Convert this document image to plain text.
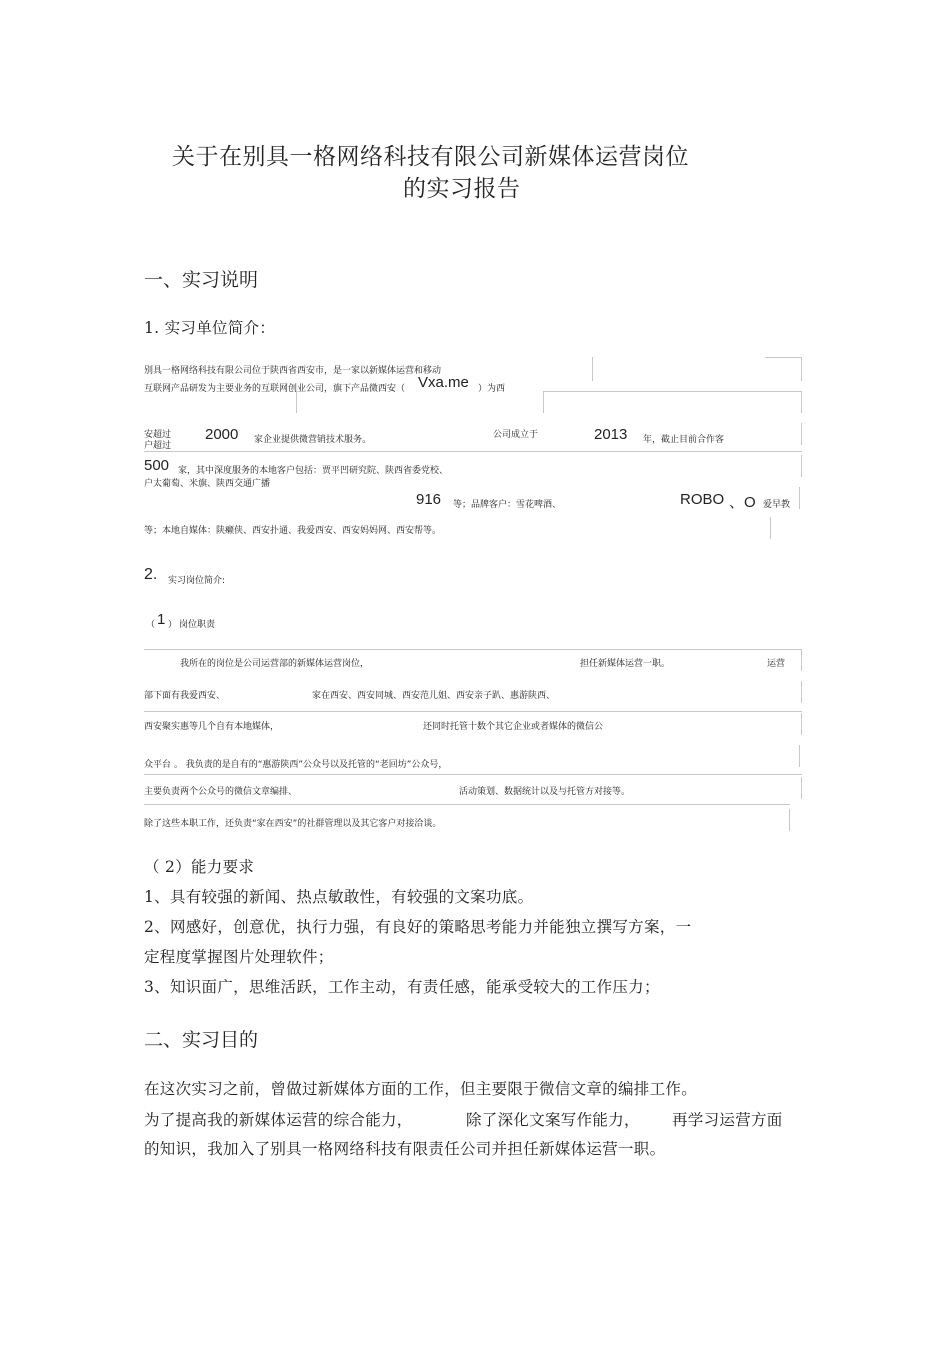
关于在别具一格网络科技有限公司新媒体运营岗位
的实习报告
一、实习说明
1. 实习单位简介：
别具一格网络科技有限公司位于陕西省西安市，是一家以新媒体运营和移动
互联网产品研发为主要业务的互联网创业公司，旗下产品微西安（ Vxa.me ）为西
安超过
户超过
2000 家企业提供微营销技术服务。	公司成立于	2013 年，截止目前合作客
500 家，其中深度服务的本地客户包括：贾平凹研究院、陕西省委党校、
户太葡萄、米旗、陕西交通广播
916 等；品牌客户：雪花啤酒、	ROBO 、O 爱早教
等；本地自媒体：陕癞侠、西安扑通、我爱西安、西安妈妈网、西安帮等。
2. 实习岗位简介:
（ 1 ） 岗位职责
我所在的岗位是公司运营部的新媒体运营岗位，	担任新媒体运营一职。	运营
部下面有我爱西安、	家在西安、西安同城、西安范儿姐、西安亲子趴、惠游陕西、
西安聚实惠等几个自有本地媒体，	还同时托管十数个其它企业或者媒体的微信公
众平台 。 我负责的是自有的“惠游陕西”公众号以及托管的“老回坊”公众号，
主要负责两个公众号的微信文章编排、	活动策划、数据统计以及与托管方对接等。
除了这些本职工作，还负责“家在西安”的社群管理以及其它客户对接洽谈。
（ 2）能力要求
1、具有较强的新闻、热点敏敢性，有较强的文案功底。
2、网感好，创意优，执行力强，有良好的策略思考能力并能独立撰写方案，一
定程度掌握图片处理软件；
3、知识面广，思维活跃，工作主动，有责任感，能承受较大的工作压力；
二、实习目的
在这次实习之前，曾做过新媒体方面的工作，但主要限于微信文章的编排工作。
为了提高我的新媒体运营的综合能力，	除了深化文案写作能力， 再学习运营方面
的知识，我加入了别具一格网络科技有限责任公司并担任新媒体运营一职。
